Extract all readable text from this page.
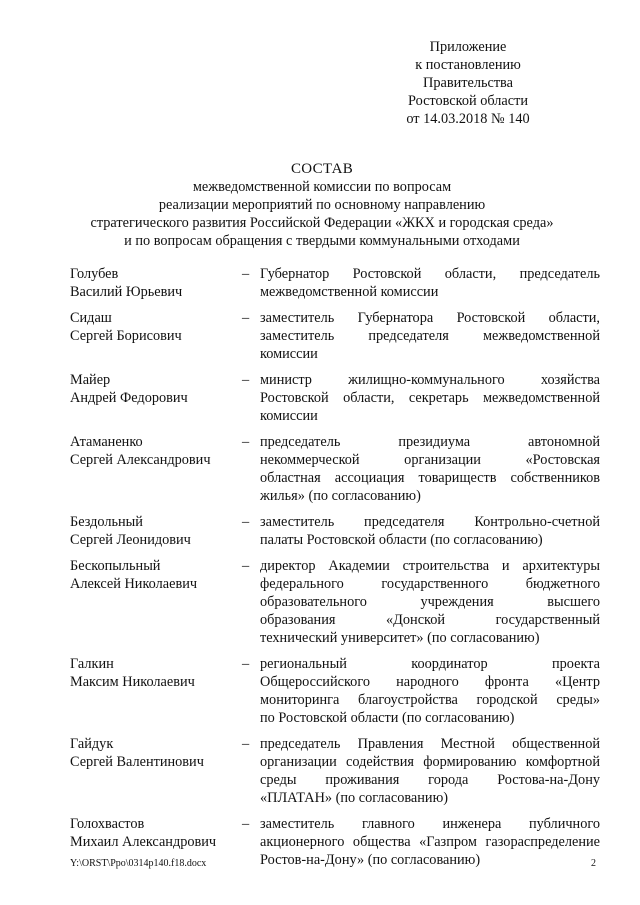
Приложение
к постановлению
Правительства
Ростовской области
от 14.03.2018 № 140
СОСТАВ
межведомственной комиссии по вопросам
реализации мероприятий по основному направлению
стратегического развития Российской Федерации «ЖКХ и городская среда»
и по вопросам обращения с твердыми коммунальными отходами
Голубев
Василий Юрьевич
– Губернатор Ростовской области, председатель
межведомственной комиссии
Сидаш
Сергей Борисович
– заместитель Губернатора Ростовской области,
заместитель председателя межведомственной
комиссии
Майер
Андрей Федорович
– министр жилищно-коммунального хозяйства
Ростовской области, секретарь межведомственной
комиссии
Атаманенко
Сергей Александрович
– председатель президиума автономной
некоммерческой организации «Ростовская
областная ассоциация товариществ собственников
жилья» (по согласованию)
Бездольный
Сергей Леонидович
– заместитель председателя Контрольно-счетной
палаты Ростовской области (по согласованию)
Бескопыльный
Алексей Николаевич
– директор Академии строительства и архитектуры
федерального государственного бюджетного
образовательного учреждения высшего
образования «Донской государственный
технический университет» (по согласованию)
Галкин
Максим Николаевич
– региональный координатор проекта
Общероссийского народного фронта «Центр
мониторинга благоустройства городской среды»
по Ростовской области (по согласованию)
Гайдук
Сергей Валентинович
– председатель Правления Местной общественной
организации содействия формированию комфортной
среды проживания города Ростова-на-Дону
«ПЛАТАН» (по согласованию)
Голохвастов
Михаил Александрович
– заместитель главного инженера публичного
акционерного общества «Газпром газораспределение
Ростов-на-Дону» (по согласованию)
Y:\ORST\Ppo\0314p140.f18.docx	2
